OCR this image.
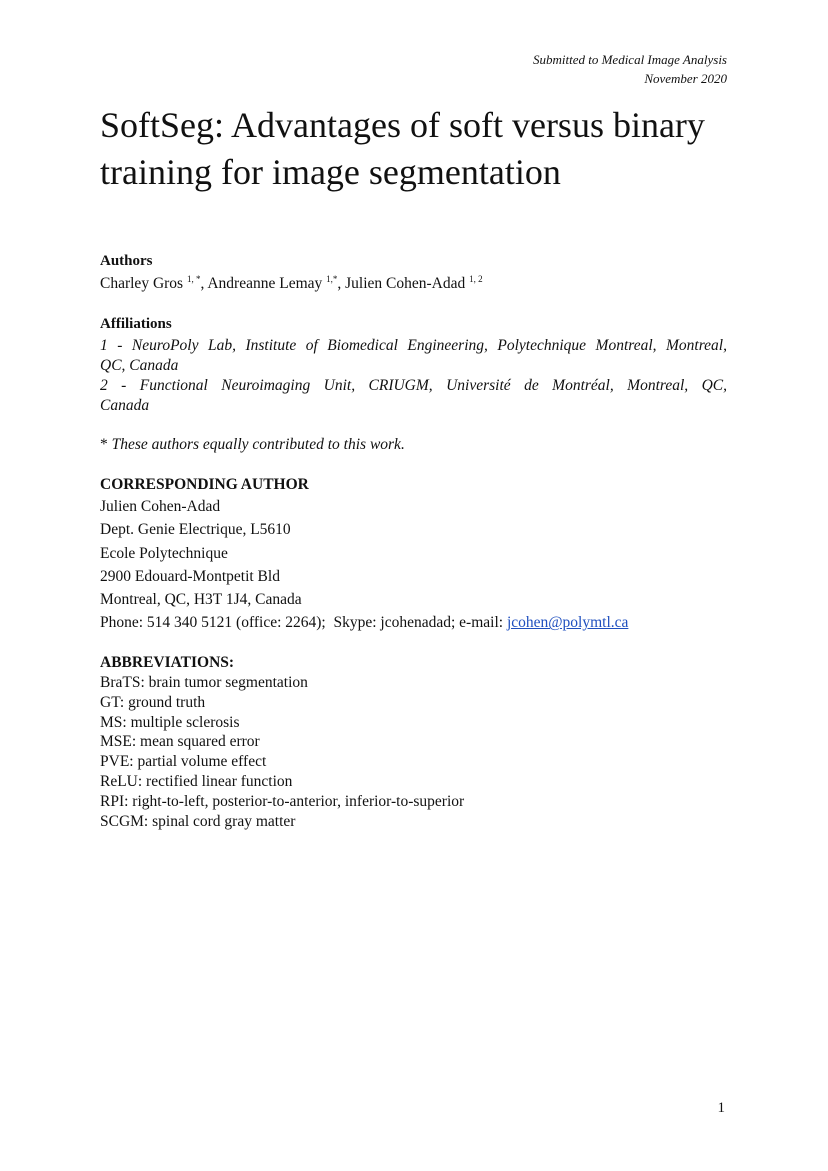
Submitted to Medical Image Analysis
November 2020
SoftSeg: Advantages of soft versus binary training for image segmentation
Authors
Charley Gros $^{1, *}$, Andreanne Lemay $^{1,*}$, Julien Cohen-Adad $^{1, 2}$
Affiliations
1 - NeuroPoly Lab, Institute of Biomedical Engineering, Polytechnique Montreal, Montreal,
QC, Canada
2 - Functional Neuroimaging Unit, CRIUGM, Université de Montréal, Montreal, QC,
Canada
* These authors equally contributed to this work.
CORRESPONDING AUTHOR
Julien Cohen-Adad
Dept. Genie Electrique, L5610
Ecole Polytechnique
2900 Edouard-Montpetit Bld
Montreal, QC, H3T 1J4, Canada
Phone: 514 340 5121 (office: 2264);  Skype: jcohenadad; e-mail: jcohen@polymtl.ca
ABBREVIATIONS:
BraTS: brain tumor segmentation
GT: ground truth
MS: multiple sclerosis
MSE: mean squared error
PVE: partial volume effect
ReLU: rectified linear function
RPI: right-to-left, posterior-to-anterior, inferior-to-superior
SCGM: spinal cord gray matter
1
